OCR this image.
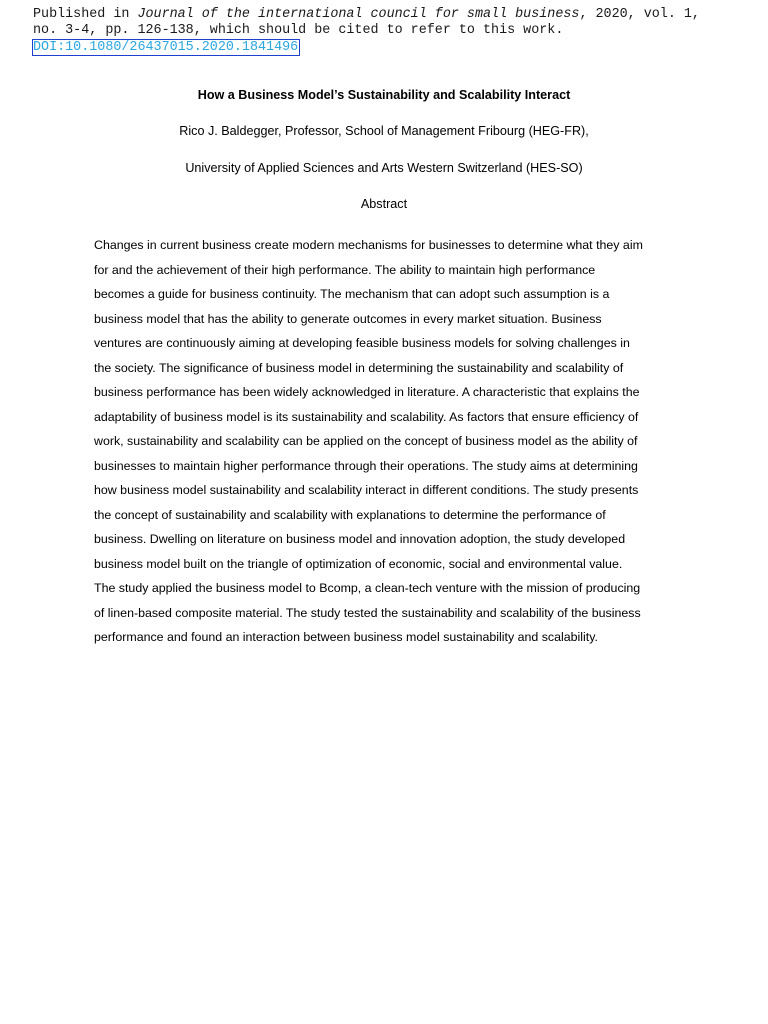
Published in Journal of the international council for small business, 2020, vol. 1,
no. 3-4, pp. 126-138, which should be cited to refer to this work.
DOI:10.1080/26437015.2020.1841496
How a Business Model’s Sustainability and Scalability Interact

Rico J. Baldegger, Professor, School of Management Fribourg (HEG-FR),

University of Applied Sciences and Arts Western Switzerland (HES-SO)

Abstract

Changes in current business create modern mechanisms for businesses to determine what they aim
for and the achievement of their high performance. The ability to maintain high performance
becomes a guide for business continuity. The mechanism that can adopt such assumption is a
business model that has the ability to generate outcomes in every market situation. Business
ventures are continuously aiming at developing feasible business models for solving challenges in
the society. The significance of business model in determining the sustainability and scalability of
business performance has been widely acknowledged in literature. A characteristic that explains the
adaptability of business model is its sustainability and scalability. As factors that ensure efficiency of
work, sustainability and scalability can be applied on the concept of business model as the ability of
businesses to maintain higher performance through their operations. The study aims at determining
how business model sustainability and scalability interact in different conditions. The study presents
the concept of sustainability and scalability with explanations to determine the performance of
business. Dwelling on literature on business model and innovation adoption, the study developed
business model built on the triangle of optimization of economic, social and environmental value.
The study applied the business model to Bcomp, a clean-tech venture with the mission of producing
of linen-based composite material. The study tested the sustainability and scalability of the business
performance and found an interaction between business model sustainability and scalability.
